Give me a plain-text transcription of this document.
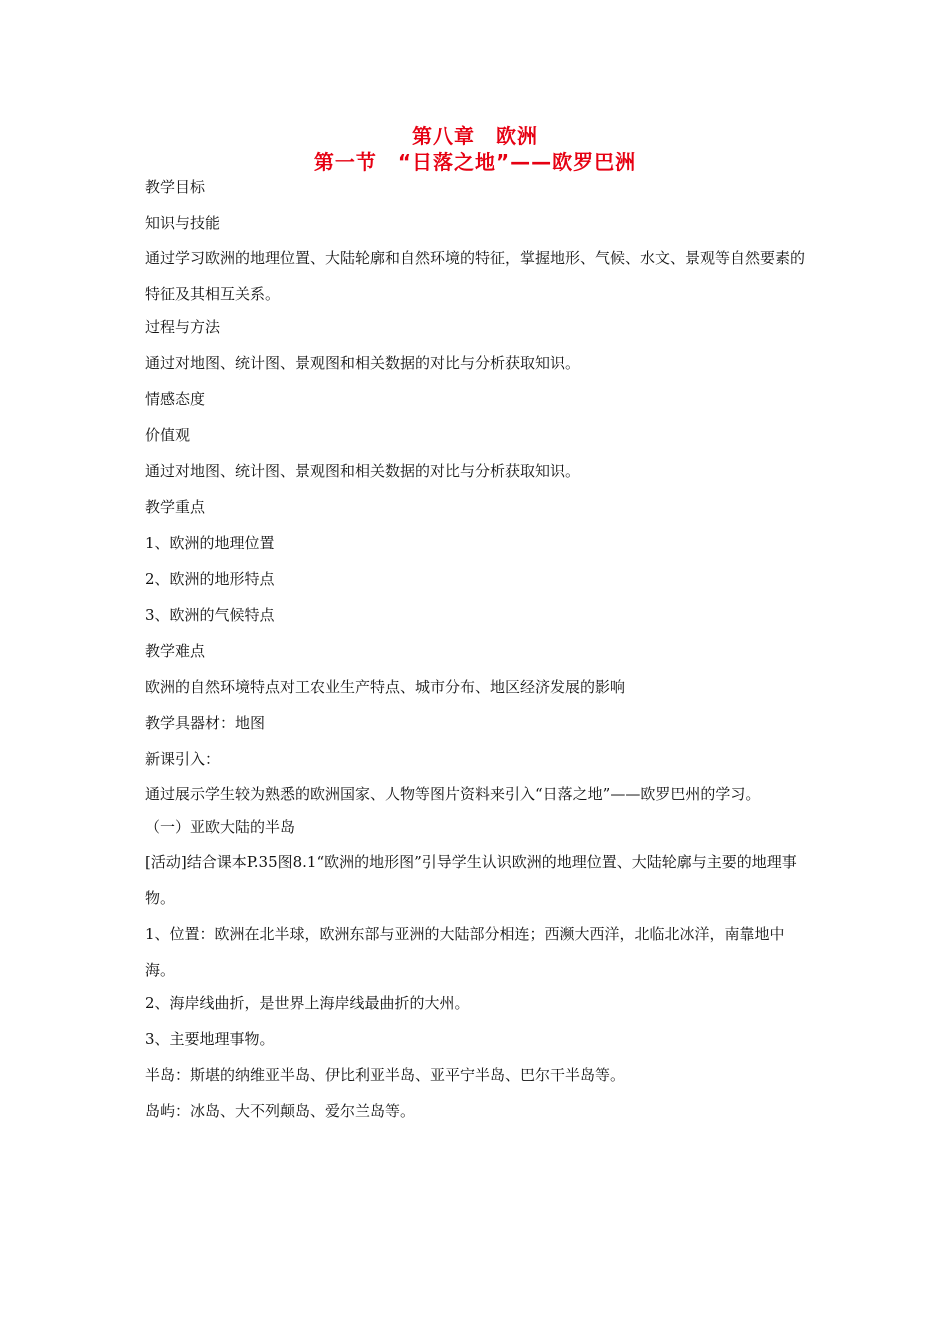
第八章　欧洲
第一节　“日落之地”——欧罗巴洲

教学目标

知识与技能

通过学习欧洲的地理位置、大陆轮廓和自然环境的特征，掌握地形、气候、水文、景观等自然要素的特征及其相互关系。

过程与方法

通过对地图、统计图、景观图和相关数据的对比与分析获取知识。

情感态度

价值观

通过对地图、统计图、景观图和相关数据的对比与分析获取知识。

教学重点

1、欧洲的地理位置

2、欧洲的地形特点

3、欧洲的气候特点

教学难点

欧洲的自然环境特点对工农业生产特点、城市分布、地区经济发展的影响

教学具器材：地图

新课引入：

通过展示学生较为熟悉的欧洲国家、人物等图片资料来引入“日落之地”——欧罗巴州的学习。

（一）亚欧大陆的半岛

[活动]结合课本P.35图8.1“欧洲的地形图”引导学生认识欧洲的地理位置、大陆轮廓与主要的地理事物。

1、位置：欧洲在北半球，欧洲东部与亚洲的大陆部分相连；西濒大西洋，北临北冰洋，南靠地中海。

2、海岸线曲折，是世界上海岸线最曲折的大州。

3、主要地理事物。

半岛：斯堪的纳维亚半岛、伊比利亚半岛、亚平宁半岛、巴尔干半岛等。

岛屿：冰岛、大不列颠岛、爱尔兰岛等。
